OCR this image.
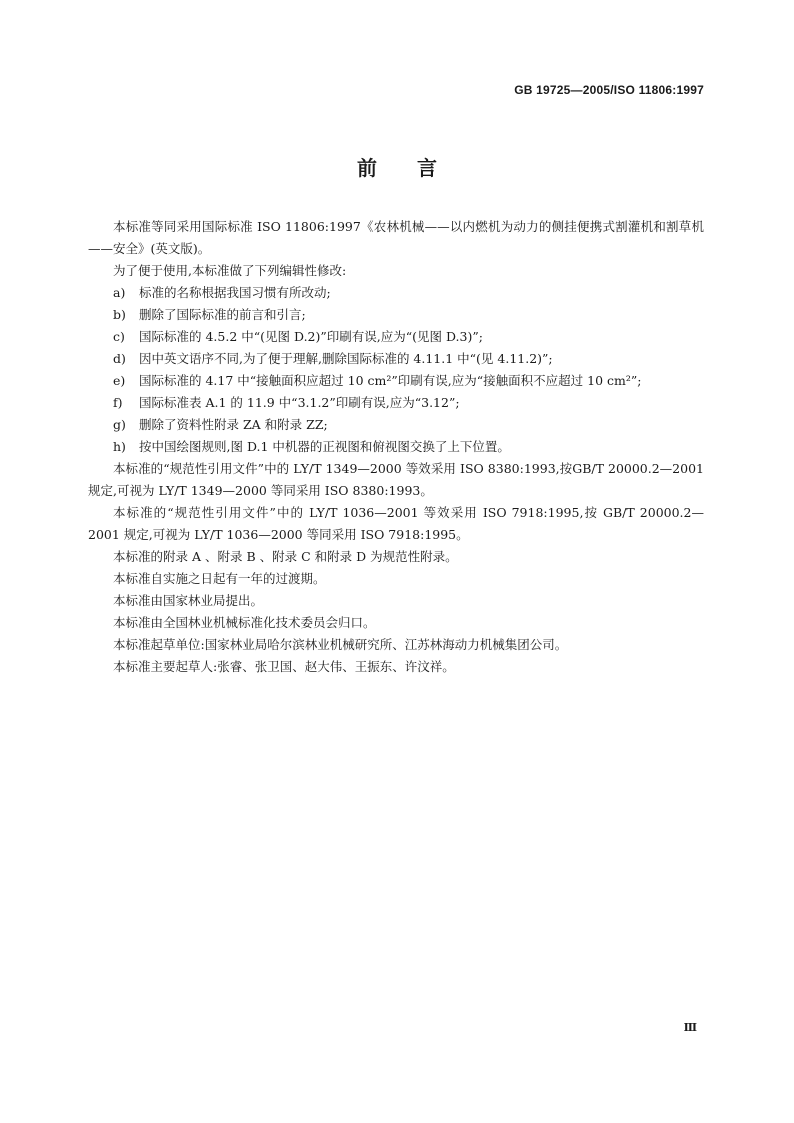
GB 19725—2005/ISO 11806:1997
前言

本标准等同采用国际标准 ISO 11806:1997《农林机械——以内燃机为动力的侧挂便携式割灌机和割草机——安全》(英文版)。

为了便于使用,本标准做了下列编辑性修改:

a)	标准的名称根据我国习惯有所改动;
b)	删除了国际标准的前言和引言;
c)	国际标准的 4.5.2 中“(见图 D.2)”印刷有误,应为“(见图 D.3)”;
d)	因中英文语序不同,为了便于理解,删除国际标准的 4.11.1 中“(见 4.11.2)”;
e)	国际标准的 4.17 中“接触面积应超过 10 cm²”印刷有误,应为“接触面积不应超过 10 cm²”;
f)	国际标准表 A.1 的 11.9 中“3.1.2”印刷有误,应为“3.12”;
g)	删除了资料性附录 ZA 和附录 ZZ;
h)	按中国绘图规则,图 D.1 中机器的正视图和俯视图交换了上下位置。

本标准的“规范性引用文件”中的 LY/T 1349—2000 等效采用 ISO 8380:1993,按GB/T 20000.2—2001 规定,可视为 LY/T 1349—2000 等同采用 ISO 8380:1993。

本标准的“规范性引用文件”中的 LY/T 1036—2001 等效采用 ISO 7918:1995,按 GB/T 20000.2—2001 规定,可视为 LY/T 1036—2000 等同采用 ISO 7918:1995。

本标准的附录 A 、附录 B 、附录 C 和附录 D 为规范性附录。

本标准自实施之日起有一年的过渡期。

本标准由国家林业局提出。

本标准由全国林业机械标准化技术委员会归口。

本标准起草单位:国家林业局哈尔滨林业机械研究所、江苏林海动力机械集团公司。

本标准主要起草人:张睿、张卫国、赵大伟、王振东、许汶祥。

Ⅲ
